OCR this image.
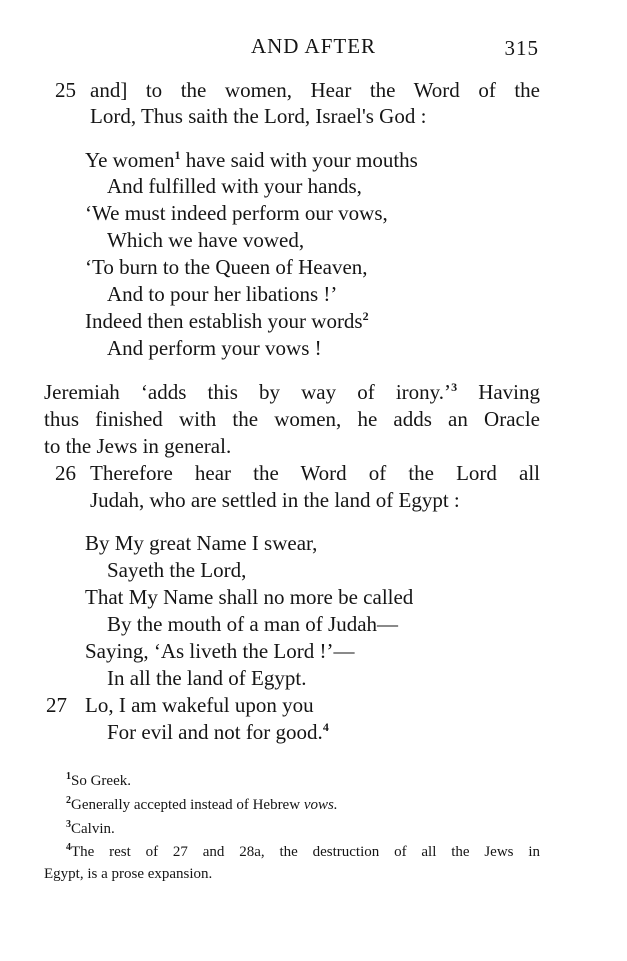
AND AFTER	315
25 and] to the women, Hear the Word of the
Lord, Thus saith the Lord, Israel's God :
Ye women$^1$ have said with your mouths
And fulfilled with your hands,
‘We must indeed perform our vows,
Which we have vowed,
‘To burn to the Queen of Heaven,
And to pour her libations !’
Indeed then establish your words$^2$
And perform your vows !
Jeremiah ‘adds this by way of irony.’$^3$ Having
thus finished with the women, he adds an Oracle
to the Jews in general.
26 Therefore hear the Word of the Lord all
Judah, who are settled in the land of Egypt :
By My great Name I swear,
Sayeth the Lord,
That My Name shall no more be called
By the mouth of a man of Judah—
Saying, ‘As liveth the Lord !’—
In all the land of Egypt.
27 Lo, I am wakeful upon you
For evil and not for good.$^4$
$^1$So Greek.
$^2$Generally accepted instead of Hebrew vows.
$^3$Calvin.
$^4$The rest of 27 and 28a, the destruction of all the Jews in
Egypt, is a prose expansion.
